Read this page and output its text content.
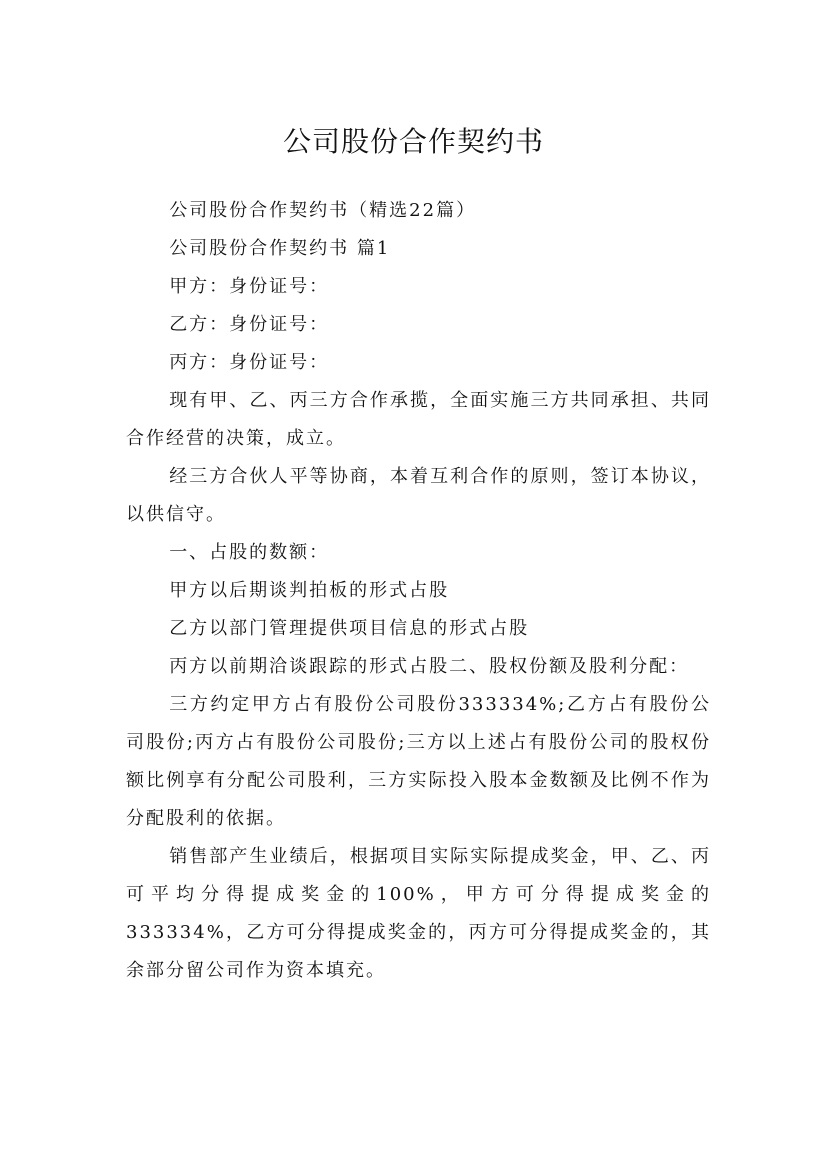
公司股份合作契约书

公司股份合作契约书（精选22篇）

公司股份合作契约书 篇1

甲方：身份证号：

乙方：身份证号：

丙方：身份证号：

现有甲、乙、丙三方合作承揽，全面实施三方共同承担、共同合作经营的决策，成立。

经三方合伙人平等协商，本着互利合作的原则，签订本协议，以供信守。

一、占股的数额：

甲方以后期谈判拍板的形式占股

乙方以部门管理提供项目信息的形式占股

丙方以前期洽谈跟踪的形式占股二、股权份额及股利分配：

三方约定甲方占有股份公司股份333334%;乙方占有股份公司股份;丙方占有股份公司股份;三方以上述占有股份公司的股权份额比例享有分配公司股利，三方实际投入股本金数额及比例不作为分配股利的依据。

销售部产生业绩后，根据项目实际实际提成奖金，甲、乙、丙可平均分得提成奖金的100%，甲方可分得提成奖金的333334%，乙方可分得提成奖金的，丙方可分得提成奖金的，其余部分留公司作为资本填充。
